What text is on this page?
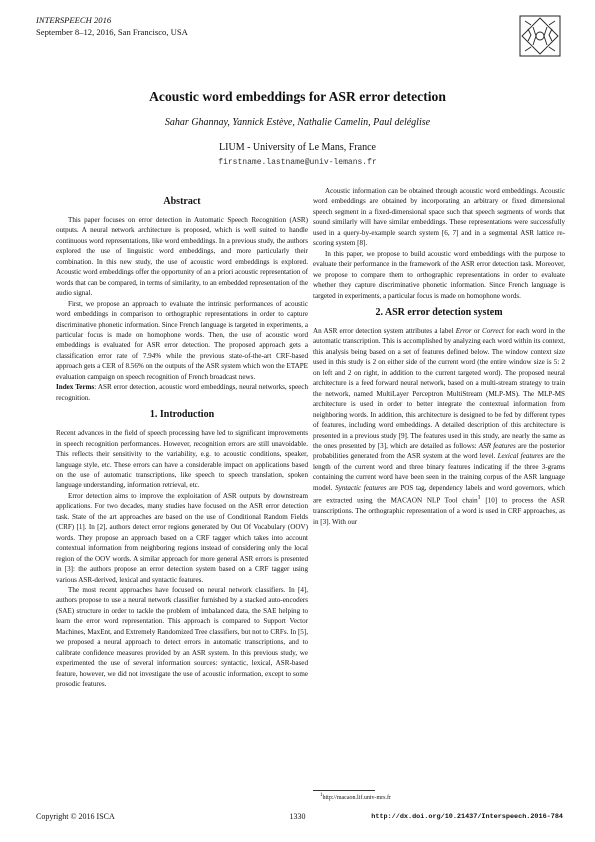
INTERSPEECH 2016
September 8–12, 2016, San Francisco, USA
Acoustic word embeddings for ASR error detection
Sahar Ghannay, Yannick Estève, Nathalie Camelin, Paul deléglise
LIUM - University of Le Mans, France
firstname.lastname@univ-lemans.fr
Abstract

This paper focuses on error detection in Automatic Speech Recognition (ASR) outputs. A neural network architecture is proposed, which is well suited to handle continuous word representations, like word embeddings. In a previous study, the authors explored the use of linguistic word embeddings, and more particularly their combination. In this new study, the use of acoustic word embeddings is explored. Acoustic word embeddings offer the opportunity of an a priori acoustic representation of words that can be compared, in terms of similarity, to an embedded representation of the audio signal.

First, we propose an approach to evaluate the intrinsic performances of acoustic word embeddings in comparison to orthographic representations in order to capture discriminative phonetic information. Since French language is targeted in experiments, a particular focus is made on homophone words. Then, the use of acoustic word embeddings is evaluated for ASR error detection. The proposed approach gets a classification error rate of 7.94% while the previous state-of-the-art CRF-based approach gets a CER of 8.56% on the outputs of the ASR system which won the ETAPE evaluation campaign on speech recognition of French broadcast news.

Index Terms: ASR error detection, acoustic word embeddings, neural networks, speech recognition.

1. Introduction

Recent advances in the field of speech processing have led to significant improvements in speech recognition performances. However, recognition errors are still unavoidable. This reflects their sensitivity to the variability, e.g. to acoustic conditions, speaker, language style, etc. These errors can have a considerable impact on applications based on the use of automatic transcriptions, like speech to speech translation, spoken language understanding, information retrieval, etc.

Error detection aims to improve the exploitation of ASR outputs by downstream applications. For two decades, many studies have focused on the ASR error detection task. State of the art approaches are based on the use of Conditional Random Fields (CRF) [1]. In [2], authors detect error regions generated by Out Of Vocabulary (OOV) words. They propose an approach based on a CRF tagger which takes into account contextual information from neighboring regions instead of considering only the local region of the OOV words. A similar approach for more general ASR errors is presented in [3]: the authors propose an error detection system based on a CRF tagger using various ASR-derived, lexical and syntactic features.

The most recent approaches have focused on neural network classifiers. In [4], authors propose to use a neural network classifier furnished by a stacked auto-encoders (SAE) structure in order to tackle the problem of imbalanced data, the SAE helping to learn the error word representation. This approach is compared to Support Vector Machines, MaxEnt, and Extremely Randomized Tree classifiers, but not to CRFs. In [5], we proposed a neural approach to detect errors in automatic transcriptions, and to calibrate confidence measures provided by an ASR system. In this previous study, we experimented the use of several information sources: syntactic, lexical, ASR-based feature, however, we did not investigate the use of acoustic information, except to some prosodic features.

Acoustic information can be obtained through acoustic word embeddings. Acoustic word embeddings are obtained by incorporating an arbitrary or fixed dimensional speech segment in a fixed-dimensional space such that speech segments of words that sound similarly will have similar embeddings. These representations were successfully used in a query-by-example search system [6, 7] and in a segmental ASR lattice re-scoring system [8].

In this paper, we propose to build acoustic word embeddings with the purpose to evaluate their performance in the framework of the ASR error detection task. Moreover, we propose to compare them to orthographic representations in order to evaluate whether they capture discriminative phonetic information. Since French language is targeted in experiments, a particular focus is made on homophone words.

2. ASR error detection system

An ASR error detection system attributes a label Error or Correct for each word in the automatic transcription. This is accomplished by analyzing each word within its context, this analysis being based on a set of features defined below. The window context size used in this study is 2 on either side of the current word (the entire window size is 5: 2 on left and 2 on right, in addition to the current targeted word). The proposed neural architecture is a feed forward neural network, based on a multi-stream strategy to train the network, named MultiLayer Perceptron MultiStream (MLP-MS). The MLP-MS architecture is used in order to better integrate the contextual information from neighboring words. In addition, this architecture is designed to be fed by different types of features, including word embeddings. A detailed description of this architecture is presented in a previous study [9]. The features used in this study, are nearly the same as the ones presented by [3], which are detailed as follows: ASR features are the posterior probabilities generated from the ASR system at the word level. Lexical features are the length of the current word and three binary features indicating if the three 3-grams containing the current word have been seen in the training corpus of the ASR language model. Syntactic features are POS tag, dependency labels and word governors, which are extracted using the MACAON NLP Tool chain$^1$ [10] to process the ASR transcriptions. The orthographic representation of a word is used in CRF approaches, as in [3]. With our

$^1$http://macaon.lif.univ-mrs.fr
Copyright © 2016 ISCA	1330	http://dx.doi.org/10.21437/Interspeech.2016-784
